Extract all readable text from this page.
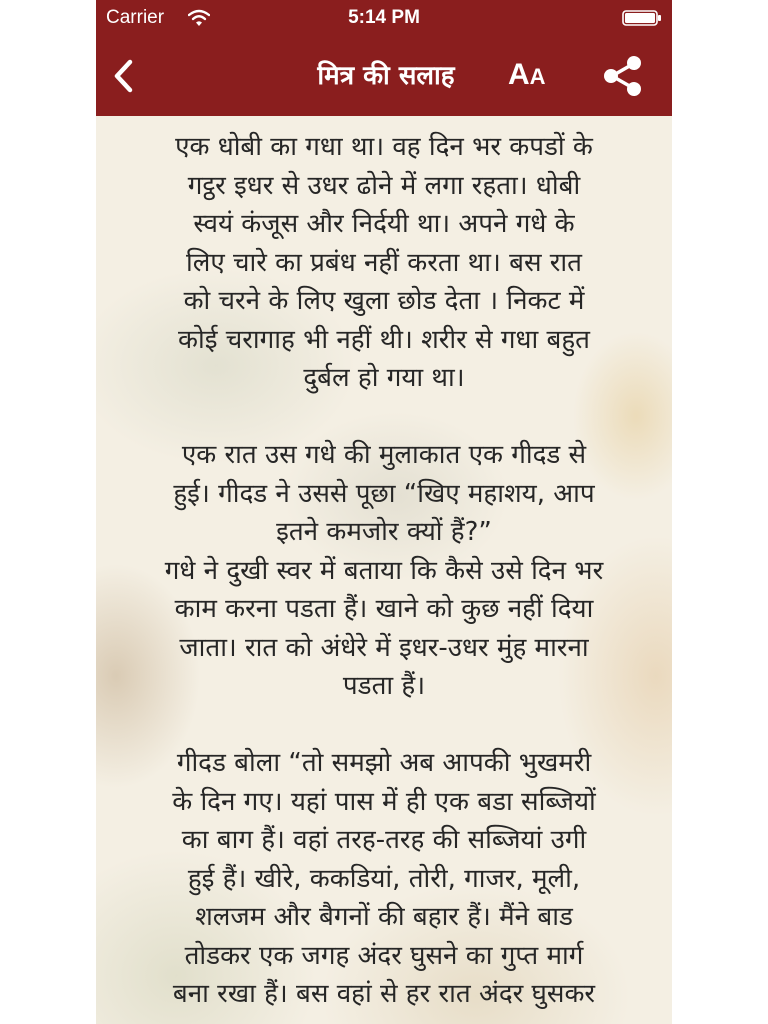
Carrier	5:14 PM
मित्र की सलाह	AA

एक धोबी का गधा था। वह दिन भर कपडों के

गट्ठर इधर से उधर ढोने में लगा रहता। धोबी

स्वयं कंजूस और निर्दयी था। अपने गधे के

लिए चारे का प्रबंध नहीं करता था। बस रात

को चरने के लिए खुला छोड देता । निकट में

कोई चरागाह भी नहीं थी। शरीर से गधा बहुत

दुर्बल हो गया था।

एक रात उस गधे की मुलाकात एक गीदड से

हुई। गीदड ने उससे पूछा “खिए महाशय, आप

इतने कमजोर क्यों हैं?”

गधे ने दुखी स्वर में बताया कि कैसे उसे दिन भर

काम करना पडता हैं। खाने को कुछ नहीं दिया

जाता। रात को अंधेरे में इधर-उधर मुंह मारना

पडता हैं।

गीदड बोला “तो समझो अब आपकी भुखमरी

के दिन गए। यहां पास में ही एक बडा सब्जियों

का बाग हैं। वहां तरह-तरह की सब्जियां उगी

हुई हैं। खीरे, ककडियां, तोरी, गाजर, मूली,

शलजम और बैगनों की बहार हैं। मैंने बाड

तोडकर एक जगह अंदर घुसने का गुप्त मार्ग

बना रखा हैं। बस वहां से हर रात अंदर घुसकर
